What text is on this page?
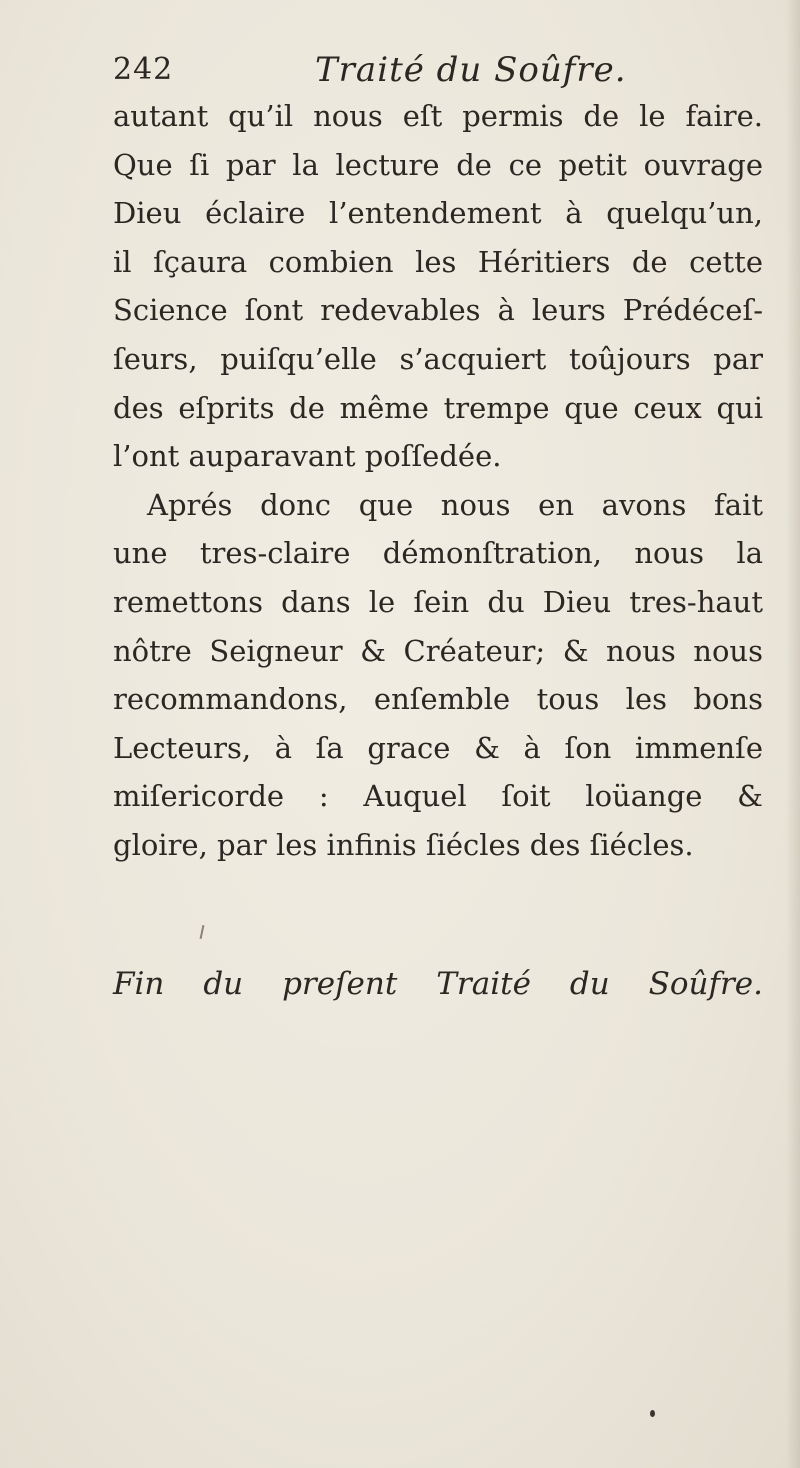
242	Traité du Soûfre.
autant qu’il nous eſt permis de le faire.
Que ſi par la lecture de ce petit ouvrage
Dieu éclaire l’entendement à quelqu’un,
il ſçaura combien les Héritiers de cette
Science ſont redevables à leurs Prédéceſ-
ſeurs, puiſqu’elle s’acquiert toûjours par
des eſprits de même trempe que ceux qui
l’ont auparavant poſſedée.
Aprés donc que nous en avons fait
une tres-claire démonſtration, nous la
remettons dans le ſein du Dieu tres-haut
nôtre Seigneur & Créateur; & nous nous
recommandons, enſemble tous les bons
Lecteurs, à ſa grace & à ſon immenſe
miſericorde : Auquel ſoit loüange &
gloire, par les infinis ſiécles des ſiécles.
Fin du preſent Traité du Soûfre.
